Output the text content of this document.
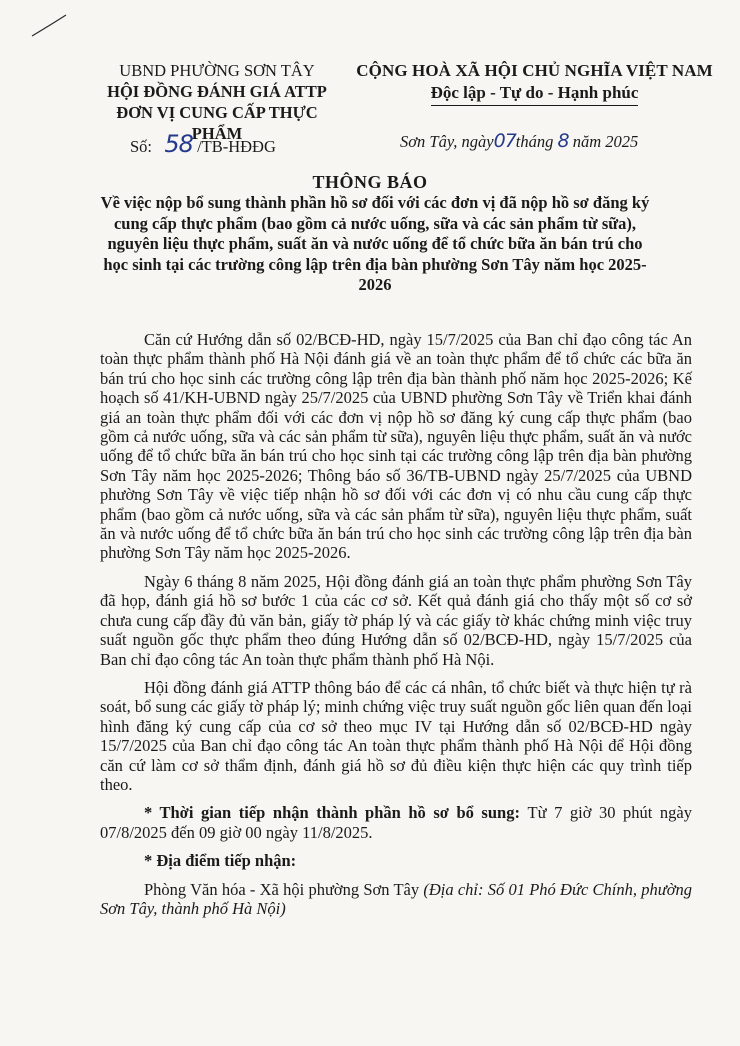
UBND PHƯỜNG SƠN TÂY
HỘI ĐỒNG ĐÁNH GIÁ ATTP
ĐƠN VỊ CUNG CẤP THỰC PHẨM
CỘNG HOÀ XÃ HỘI CHỦ NGHĨA VIỆT NAM
Độc lập - Tự do - Hạnh phúc
Số: 58 /TB-HĐĐG	Sơn Tây, ngày07tháng 8 năm 2025
THÔNG BÁO
Về việc nộp bổ sung thành phần hồ sơ đối với các đơn vị đã nộp hồ sơ đăng ký cung cấp thực phẩm (bao gồm cả nước uống, sữa và các sản phẩm từ sữa), nguyên liệu thực phẩm, suất ăn và nước uống để tổ chức bữa ăn bán trú cho học sinh tại các trường công lập trên địa bàn phường Sơn Tây năm học 2025-2026

Căn cứ Hướng dẫn số 02/BCĐ-HD, ngày 15/7/2025 của Ban chỉ đạo công tác An toàn thực phẩm thành phố Hà Nội đánh giá về an toàn thực phẩm để tổ chức các bữa ăn bán trú cho học sinh các trường công lập trên địa bàn thành phố năm học 2025-2026; Kế hoạch số 41/KH-UBND ngày 25/7/2025 của UBND phường Sơn Tây về Triển khai đánh giá an toàn thực phẩm đối với các đơn vị nộp hồ sơ đăng ký cung cấp thực phẩm (bao gồm cả nước uống, sữa và các sản phẩm từ sữa), nguyên liệu thực phẩm, suất ăn và nước uống để tổ chức bữa ăn bán trú cho học sinh tại các trường công lập trên địa bàn phường Sơn Tây năm học 2025-2026; Thông báo số 36/TB-UBND ngày 25/7/2025 của UBND phường Sơn Tây về việc tiếp nhận hồ sơ đối với các đơn vị có nhu cầu cung cấp thực phẩm (bao gồm cả nước uống, sữa và các sản phẩm từ sữa), nguyên liệu thực phẩm, suất ăn và nước uống để tổ chức bữa ăn bán trú cho học sinh các trường công lập trên địa bàn phường Sơn Tây năm học 2025-2026.

Ngày 6 tháng 8 năm 2025, Hội đồng đánh giá an toàn thực phẩm phường Sơn Tây đã họp, đánh giá hồ sơ bước 1 của các cơ sở. Kết quả đánh giá cho thấy một số cơ sở chưa cung cấp đầy đủ văn bản, giấy tờ pháp lý và các giấy tờ khác chứng minh việc truy suất nguồn gốc thực phẩm theo đúng Hướng dẫn số 02/BCĐ-HD, ngày 15/7/2025 của Ban chỉ đạo công tác An toàn thực phẩm thành phố Hà Nội.

Hội đồng đánh giá ATTP thông báo để các cá nhân, tổ chức biết và thực hiện tự rà soát, bổ sung các giấy tờ pháp lý; minh chứng việc truy suất nguồn gốc liên quan đến loại hình đăng ký cung cấp của cơ sở theo mục IV tại Hướng dẫn số 02/BCĐ-HD ngày 15/7/2025 của Ban chỉ đạo công tác An toàn thực phẩm thành phố Hà Nội để Hội đồng căn cứ làm cơ sở thẩm định, đánh giá hồ sơ đủ điều kiện thực hiện các quy trình tiếp theo.

* Thời gian tiếp nhận thành phần hồ sơ bổ sung: Từ 7 giờ 30 phút ngày 07/8/2025 đến 09 giờ 00 ngày 11/8/2025.

* Địa điểm tiếp nhận:

Phòng Văn hóa - Xã hội phường Sơn Tây (Địa chỉ: Số 01 Phó Đức Chính, phường Sơn Tây, thành phố Hà Nội)
